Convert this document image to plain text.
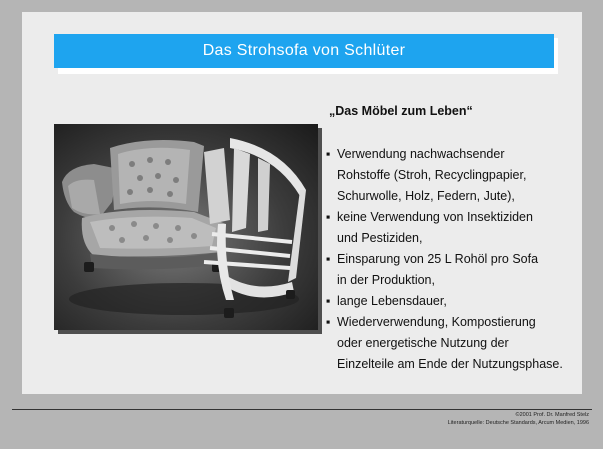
Das Strohsofa von Schlüter
„Das Möbel zum Leben“
▪ Verwendung nachwachsender
Rohstoffe (Stroh, Recyclingpapier,
Schurwolle, Holz, Federn, Jute),
▪ keine Verwendung von Insektiziden
und Pestiziden,
▪ Einsparung von 25 L Rohöl pro Sofa
in der Produktion,
▪ lange Lebensdauer,
▪ Wiederverwendung, Kompostierung
oder energetische Nutzung der
Einzelteile am Ende der Nutzungsphase.
©2001 Prof. Dr. Manfred Stelz
Literaturquelle: Deutsche Standards, Arcum Medien, 1996
